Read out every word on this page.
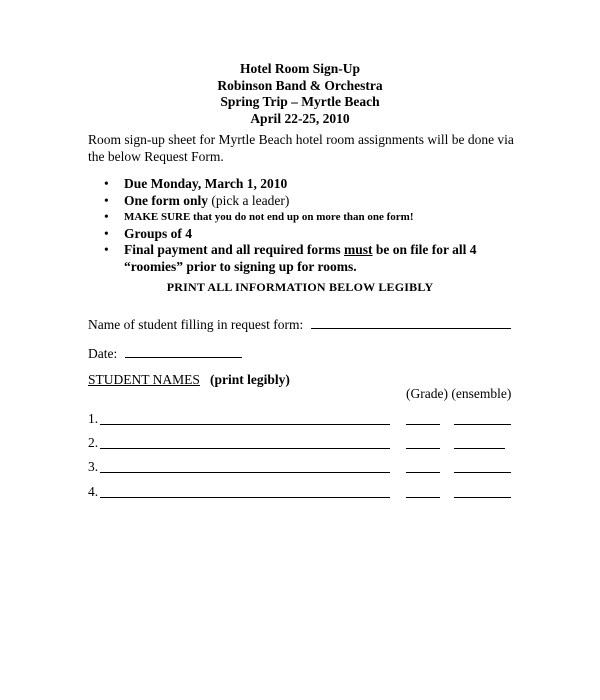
Hotel Room Sign-Up
Robinson Band & Orchestra
Spring Trip – Myrtle Beach
April 22-25, 2010
Room sign-up sheet for Myrtle Beach hotel room assignments will be done via the below Request Form.
• Due Monday, March 1, 2010
• One form only (pick a leader)
• MAKE SURE that you do not end up on more than one form!
• Groups of 4
• Final payment and all required forms must be on file for all 4 “roomies” prior to signing up for rooms.
PRINT ALL INFORMATION BELOW LEGIBLY
Name of student filling in request form:
Date:
STUDENT NAMES (print legibly)
(Grade) (ensemble)
1.
2.
3.
4.
